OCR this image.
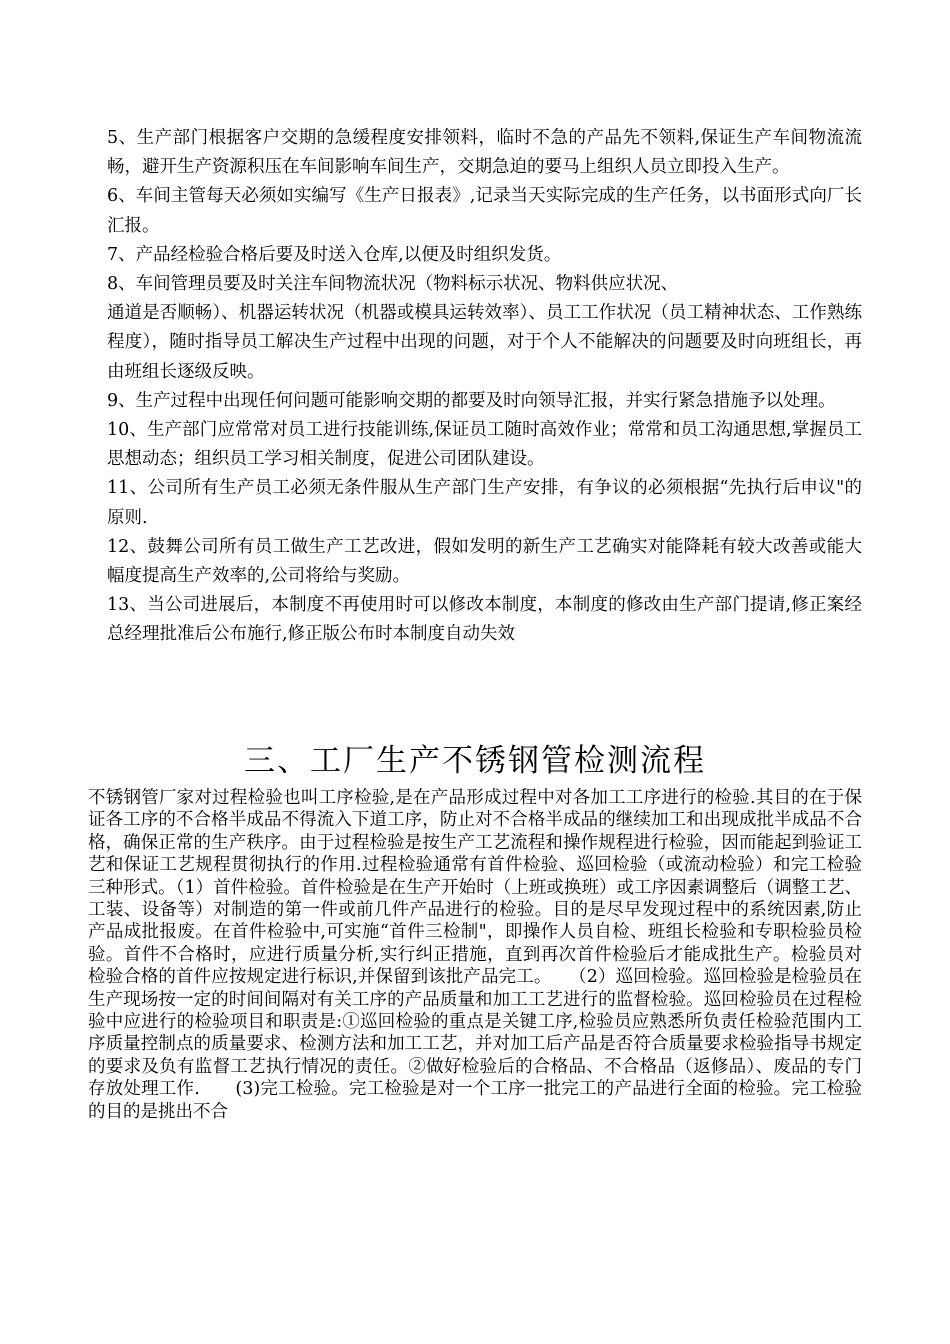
5、生产部门根据客户交期的急缓程度安排领料，临时不急的产品先不领料,保证生产车间物流流畅，避开生产资源积压在车间影响车间生产，交期急迫的要马上组织人员立即投入生产。

6、车间主管每天必须如实编写《生产日报表》,记录当天实际完成的生产任务，以书面形式向厂长汇报。

7、产品经检验合格后要及时送入仓库,以便及时组织发货。

8、车间管理员要及时关注车间物流状况（物料标示状况、物料供应状况、

通道是否顺畅）、机器运转状况（机器或模具运转效率）、员工工作状况（员工精神状态、工作熟练程度），随时指导员工解决生产过程中出现的问题，对于个人不能解决的问题要及时向班组长，再由班组长逐级反映。

9、生产过程中出现任何问题可能影响交期的都要及时向领导汇报，并实行紧急措施予以处理。

10、生产部门应常常对员工进行技能训练,保证员工随时高效作业；常常和员工沟通思想,掌握员工思想动态；组织员工学习相关制度，促进公司团队建设。

11、公司所有生产员工必须无条件服从生产部门生产安排，有争议的必须根据“先执行后申议"的原则.

12、鼓舞公司所有员工做生产工艺改进，假如发明的新生产工艺确实对能降耗有较大改善或能大幅度提高生产效率的,公司将给与奖励。

13、当公司进展后，本制度不再使用时可以修改本制度，本制度的修改由生产部门提请,修正案经总经理批准后公布施行,修正版公布时本制度自动失效

三、工厂生产不锈钢管检测流程

不锈钢管厂家对过程检验也叫工序检验,是在产品形成过程中对各加工工序进行的检验.其目的在于保证各工序的不合格半成品不得流入下道工序，防止对不合格半成品的继续加工和出现成批半成品不合格，确保正常的生产秩序。由于过程检验是按生产工艺流程和操作规程进行检验，因而能起到验证工艺和保证工艺规程贯彻执行的作用.过程检验通常有首件检验、巡回检验（或流动检验）和完工检验三种形式。（1）首件检验。首件检验是在生产开始时（上班或换班）或工序因素调整后（调整工艺、工装、设备等）对制造的第一件或前几件产品进行的检验。目的是尽早发现过程中的系统因素,防止产品成批报废。在首件检验中,可实施“首件三检制"，即操作人员自检、班组长检验和专职检验员检验。首件不合格时，应进行质量分析,实行纠正措施，直到再次首件检验后才能成批生产。检验员对检验合格的首件应按规定进行标识,并保留到该批产品完工。　　（2）巡回检验。巡回检验是检验员在生产现场按一定的时间间隔对有关工序的产品质量和加工工艺进行的监督检验。巡回检验员在过程检验中应进行的检验项目和职责是:①巡回检验的重点是关键工序,检验员应熟悉所负责任检验范围内工序质量控制点的质量要求、检测方法和加工工艺，并对加工后产品是否符合质量要求检验指导书规定的要求及负有监督工艺执行情况的责任。②做好检验后的合格品、不合格品（返修品）、废品的专门存放处理工作.　　(3)完工检验。完工检验是对一个工序一批完工的产品进行全面的检验。完工检验的目的是挑出不合
